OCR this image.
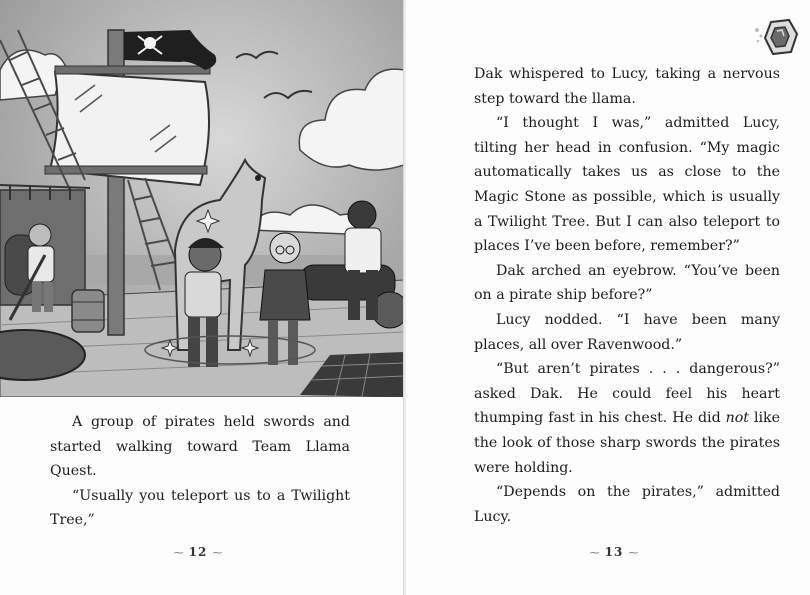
A group of pirates held swords and started walking toward Team Llama Quest.

“Usually you teleport us to a Twilight Tree,”

⁓ 12 ⁓

Dak whispered to Lucy, taking a nervous step toward the llama.

“I thought I was,” admitted Lucy, tilting her head in confusion. “My magic automatically takes us as close to the Magic Stone as possible, which is usually a Twilight Tree. But I can also teleport to places I’ve been before, remember?”

Dak arched an eyebrow. “You’ve been on a pirate ship before?”

Lucy nodded. “I have been many places, all over Ravenwood.”

“But aren’t pirates . . . dangerous?” asked Dak. He could feel his heart thumping fast in his chest. He did not like the look of those sharp swords the pirates were holding.

“Depends on the pirates,” admitted Lucy.

⁓ 13 ⁓
